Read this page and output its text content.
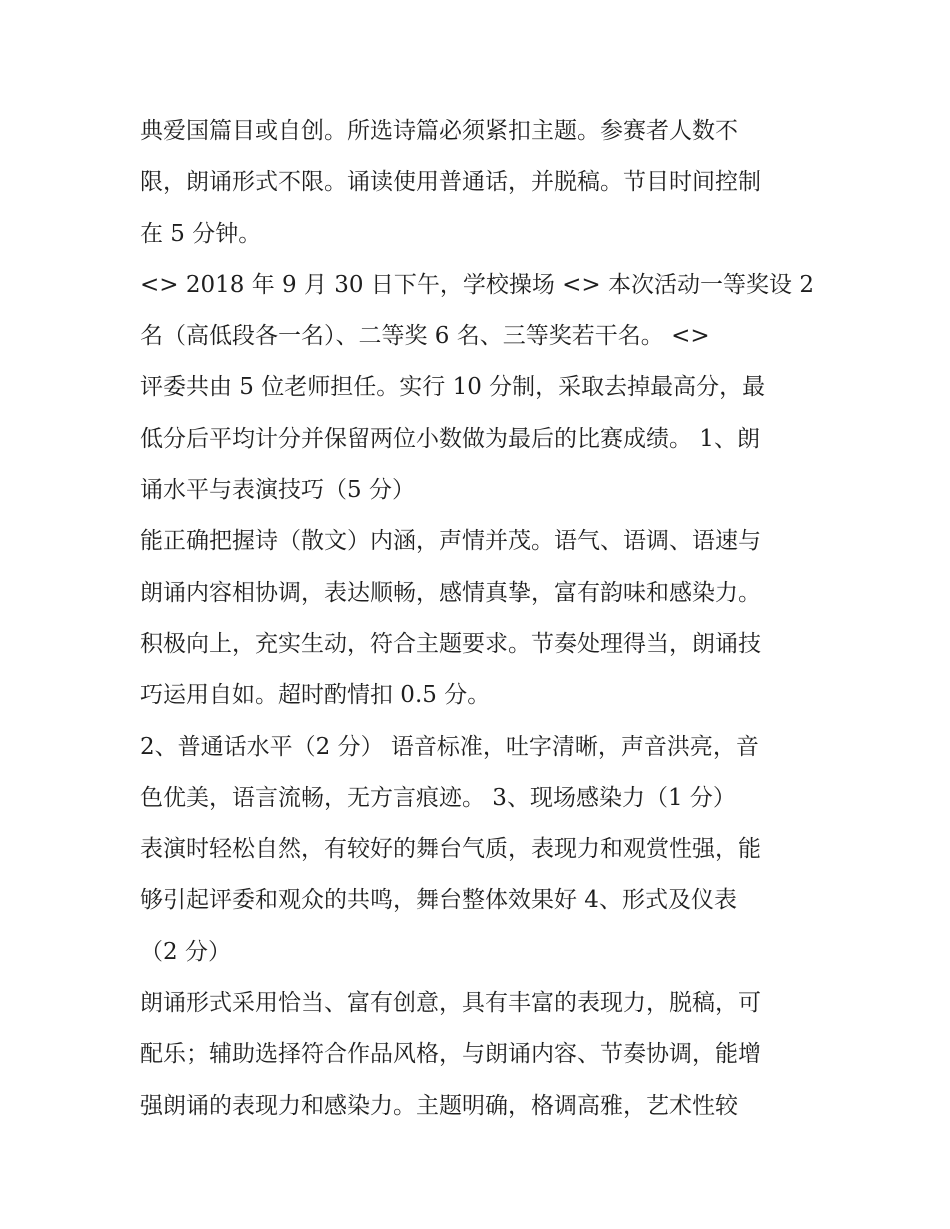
典爱国篇目或自创。所选诗篇必须紧扣主题。参赛者人数不
限，朗诵形式不限。诵读使用普通话，并脱稿。节目时间控制
在 5 分钟。
<> 2018 年 9 月 30 日下午，学校操场 <> 本次活动一等奖设 2
名（高低段各一名）、二等奖 6 名、三等奖若干名。 <>
评委共由 5 位老师担任。实行 10 分制，采取去掉最高分，最
低分后平均计分并保留两位小数做为最后的比赛成绩。 1、朗
诵水平与表演技巧（5 分）
能正确把握诗（散文）内涵，声情并茂。语气、语调、语速与
朗诵内容相协调，表达顺畅，感情真挚，富有韵味和感染力。
积极向上，充实生动，符合主题要求。节奏处理得当，朗诵技
巧运用自如。超时酌情扣 0.5 分。
2、普通话水平（2 分） 语音标准，吐字清晰，声音洪亮，音
色优美，语言流畅，无方言痕迹。 3、现场感染力（1 分）
表演时轻松自然，有较好的舞台气质，表现力和观赏性强，能
够引起评委和观众的共鸣，舞台整体效果好 4、形式及仪表
（2 分）
朗诵形式采用恰当、富有创意，具有丰富的表现力，脱稿，可
配乐；辅助选择符合作品风格，与朗诵内容、节奏协调，能增
强朗诵的表现力和感染力。主题明确，格调高雅，艺术性较
